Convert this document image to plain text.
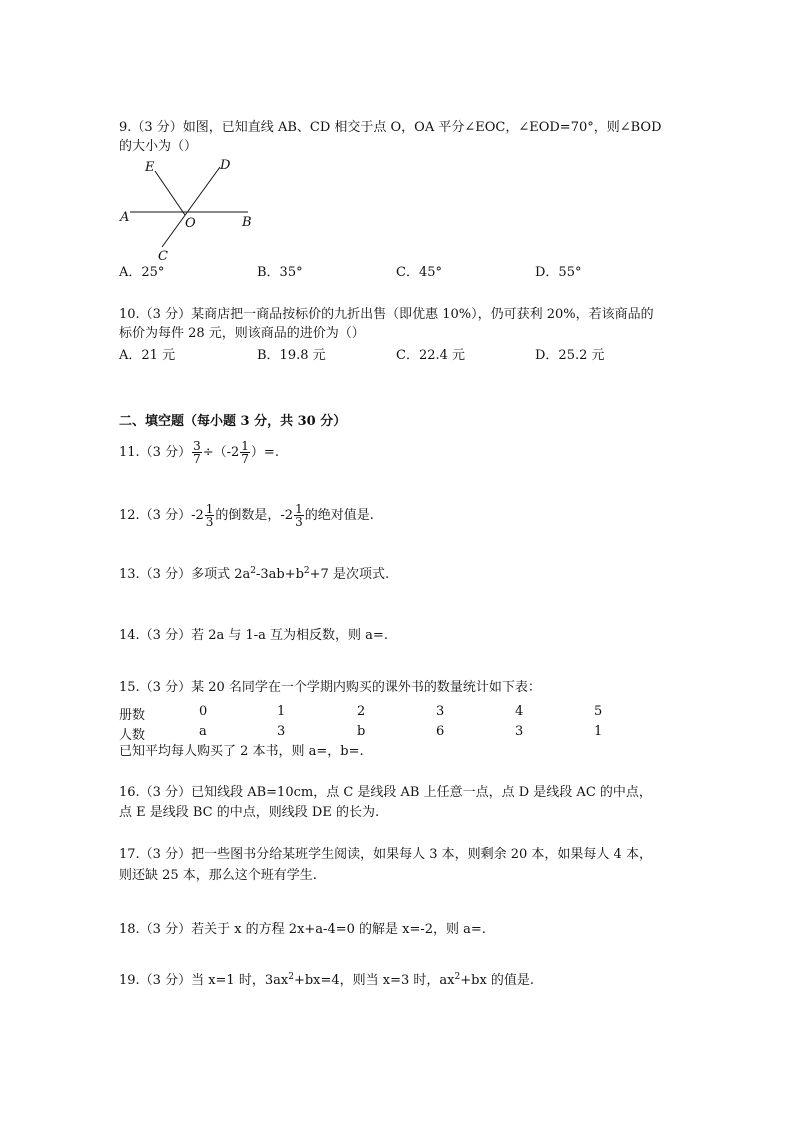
9.（3 分）如图，已知直线 AB、CD 相交于点 O，OA 平分∠EOC，∠EOD=70°，则∠BOD
的大小为（）
E	D
A	O	B
C
A．25°	B．35°	C．45°	D．55°
10.（3 分）某商店把一商品按标价的九折出售（即优惠 10%），仍可获利 20%，若该商品的
标价为每件 28 元，则该商品的进价为（）
A．21 元	B．19.8 元	C．22.4 元	D．25.2 元
二、填空题（每小题 3 分，共 30 分）
11.（3 分） $\frac{3}{7} \div(-2 \frac{1}{7}$ ）=.
12.（3 分）$-2 \frac{1}{3}$ 的倒数是，$-2 \frac{1}{3}$ 的绝对值是.
13.（3 分）多项式 $2a^2-3ab+b^2+7$ 是次项式.
14.（3 分）若 2a 与 1-a 互为相反数，则 a=.
15.（3 分）某 20 名同学在一个学期内购买的课外书的数量统计如下表：
册数	0	1	2	3	4	5
人数	a	3	b	6	3	1
已知平均每人购买了 2 本书，则 a=，b=.
16.（3 分）已知线段 AB=10cm，点 C 是线段 AB 上任意一点，点 D 是线段 AC 的中点，
点 E 是线段 BC 的中点，则线段 DE 的长为.
17.（3 分）把一些图书分给某班学生阅读，如果每人 3 本，则剩余 20 本，如果每人 4 本，
则还缺 25 本，那么这个班有学生.
18.（3 分）若关于 x 的方程 2x+a-4=0 的解是 x=-2，则 a=.
19.（3 分）当 x=1 时，$3ax^2+bx=4$，则当 x=3 时，$ax^2+bx$ 的值是.
